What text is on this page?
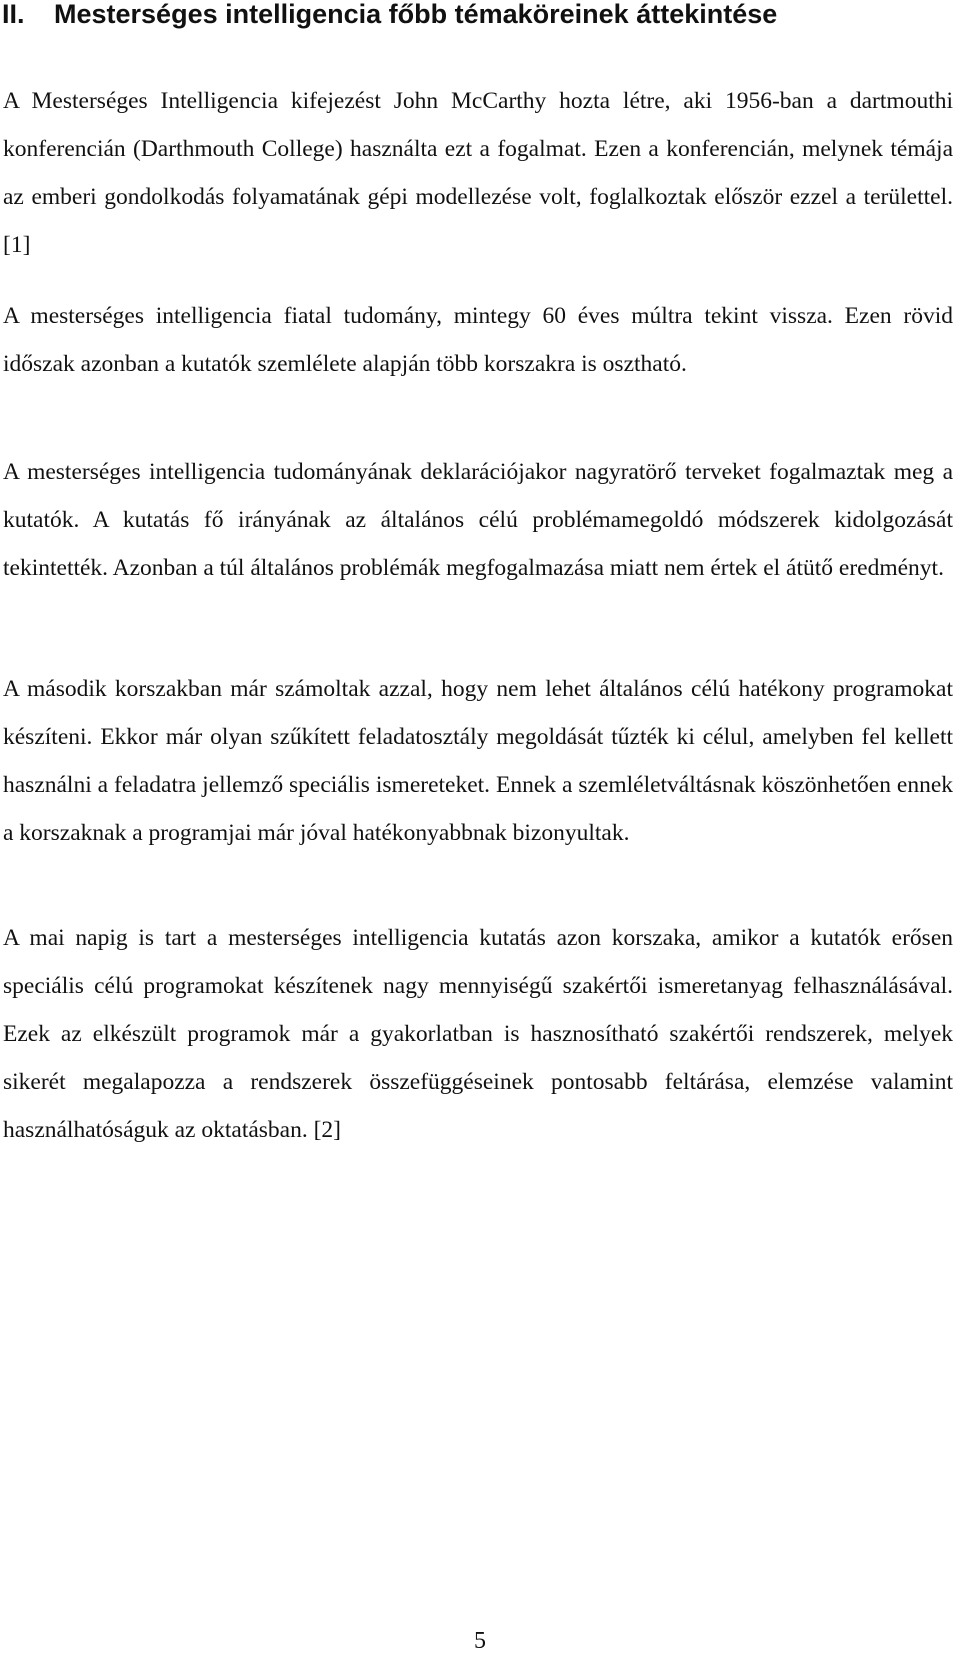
II. Mesterséges intelligencia főbb témaköreinek áttekintése

A Mesterséges Intelligencia kifejezést John McCarthy hozta létre, aki 1956-ban a dartmouthi konferencián (Darthmouth College) használta ezt a fogalmat. Ezen a konferencián, melynek témája az emberi gondolkodás folyamatának gépi modellezése volt, foglalkoztak először ezzel a területtel. [1]

A mesterséges intelligencia fiatal tudomány, mintegy 60 éves múltra tekint vissza. Ezen rövid időszak azonban a kutatók szemlélete alapján több korszakra is osztható.

A mesterséges intelligencia tudományának deklarációjakor nagyratörő terveket fogalmaztak meg a kutatók. A kutatás fő irányának az általános célú problémamegoldó módszerek kidolgozását tekintették. Azonban a túl általános problémák megfogalmazása miatt nem értek el átütő eredményt.

A második korszakban már számoltak azzal, hogy nem lehet általános célú hatékony programokat készíteni. Ekkor már olyan szűkített feladatosztály megoldását tűzték ki célul, amelyben fel kellett használni a feladatra jellemző speciális ismereteket. Ennek a szemléletváltásnak köszönhetően ennek a korszaknak a programjai már jóval hatékonyabbnak bizonyultak.

A mai napig is tart a mesterséges intelligencia kutatás azon korszaka, amikor a kutatók erősen speciális célú programokat készítenek nagy mennyiségű szakértői ismeretanyag felhasználásával. Ezek az elkészült programok már a gyakorlatban is hasznosítható szakértői rendszerek, melyek sikerét megalapozza a rendszerek összefüggéseinek pontosabb feltárása, elemzése valamint használhatóságuk az oktatásban. [2]

5
